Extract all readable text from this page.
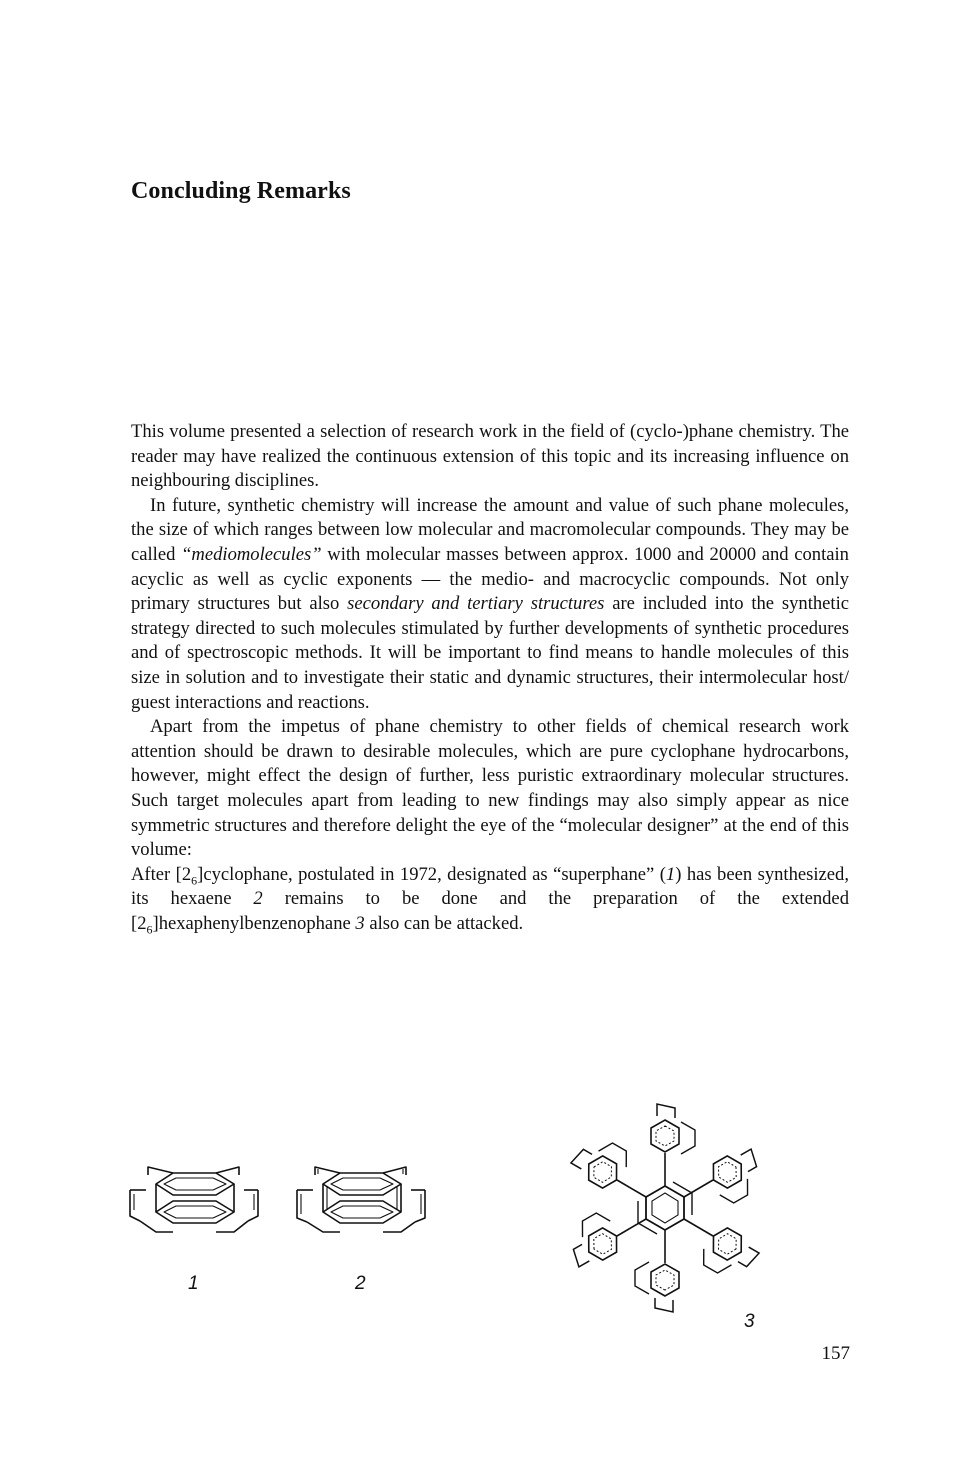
Concluding Remarks

This volume presented a selection of research work in the field of (cyclo-)phane chemistry. The reader may have realized the continuous extension of this topic and its increasing influence on neighbouring disciplines.

In future, synthetic chemistry will increase the amount and value of such phane molecules, the size of which ranges between low molecular and macromolecular compounds. They may be called “mediomolecules” with molecular masses between approx. 1000 and 20000 and contain acyclic as well as cyclic exponents — the medio- and macrocyclic compounds. Not only primary structures but also secondary and tertiary structures are included into the synthetic strategy directed to such molecules stimulated by further developments of synthetic procedures and of spectroscopic methods. It will be important to find means to handle molecules of this size in solution and to investigate their static and dynamic structures, their intermolecular host/ guest interactions and reactions.

Apart from the impetus of phane chemistry to other fields of chemical research work attention should be drawn to desirable molecules, which are pure cyclophane hydrocarbons, however, might effect the design of further, less puristic extraordinary molecular structures. Such target molecules apart from leading to new findings may also simply appear as nice symmetric structures and therefore delight the eye of the “molecular designer” at the end of this volume:

After $[2_6]cyclophane$, postulated in 1972, designated as “superphane” (1) has been synthesized, its hexaene 2 remains to be done and the preparation of the extended $[2_6]hexaphenylbenzenophane$ 3 also can be attacked.

1	2
3
157
